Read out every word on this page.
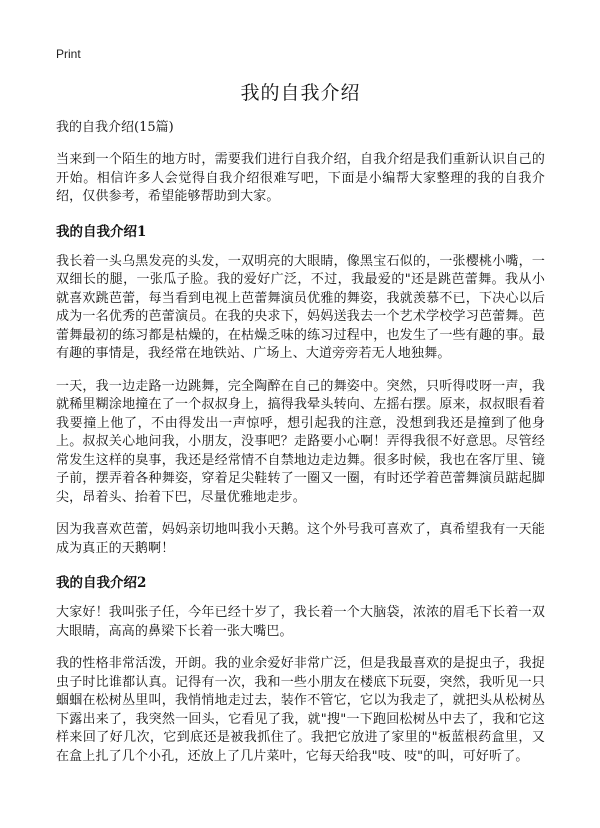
Print
我的自我介绍
我的自我介绍(15篇)

当来到一个陌生的地方时，需要我们进行自我介绍，自我介绍是我们重新认识自己的开始。相信许多人会觉得自我介绍很难写吧，下面是小编帮大家整理的我的自我介绍，仅供参考，希望能够帮助到大家。

我的自我介绍1

我长着一头乌黑发亮的头发，一双明亮的大眼睛，像黑宝石似的，一张樱桃小嘴，一双细长的腿，一张瓜子脸。我的爱好广泛，不过，我最爱的"还是跳芭蕾舞。我从小就喜欢跳芭蕾，每当看到电视上芭蕾舞演员优雅的舞姿，我就羡慕不已，下决心以后成为一名优秀的芭蕾演员。在我的央求下，妈妈送我去一个艺术学校学习芭蕾舞。芭蕾舞最初的练习都是枯燥的，在枯燥乏味的练习过程中，也发生了一些有趣的事。最有趣的事情是，我经常在地铁站、广场上、大道旁旁若无人地独舞。

一天，我一边走路一边跳舞，完全陶醉在自己的舞姿中。突然，只听得哎呀一声，我就稀里糊涂地撞在了一个叔叔身上，搞得我晕头转向、左摇右摆。原来，叔叔眼看着我要撞上他了，不由得发出一声惊呼，想引起我的注意，没想到我还是撞到了他身上。叔叔关心地问我，小朋友，没事吧？走路要小心啊！弄得我很不好意思。尽管经常发生这样的臭事，我还是经常情不自禁地边走边舞。很多时候，我也在客厅里、镜子前，摆弄着各种舞姿，穿着足尖鞋转了一圈又一圈，有时还学着芭蕾舞演员踮起脚尖，昂着头、抬着下巴，尽量优雅地走步。

因为我喜欢芭蕾，妈妈亲切地叫我小天鹅。这个外号我可喜欢了，真希望我有一天能成为真正的天鹅啊！

我的自我介绍2

大家好！我叫张子任，今年已经十岁了，我长着一个大脑袋，浓浓的眉毛下长着一双大眼睛，高高的鼻梁下长着一张大嘴巴。

我的性格非常活泼，开朗。我的业余爱好非常广泛，但是我最喜欢的是捉虫子，我捉虫子时比谁都认真。记得有一次，我和一些小朋友在楼底下玩耍，突然，我听见一只蝈蝈在松树丛里叫，我悄悄地走过去，装作不管它，它以为我走了，就把头从松树丛下露出来了，我突然一回头，它看见了我，就"搜"一下跑回松树丛中去了，我和它这样来回了好几次，它到底还是被我抓住了。我把它放进了家里的"板蓝根药盒里，又在盒上扎了几个小孔，还放上了几片菜叶，它每天给我"吱、吱"的叫，可好听了。
